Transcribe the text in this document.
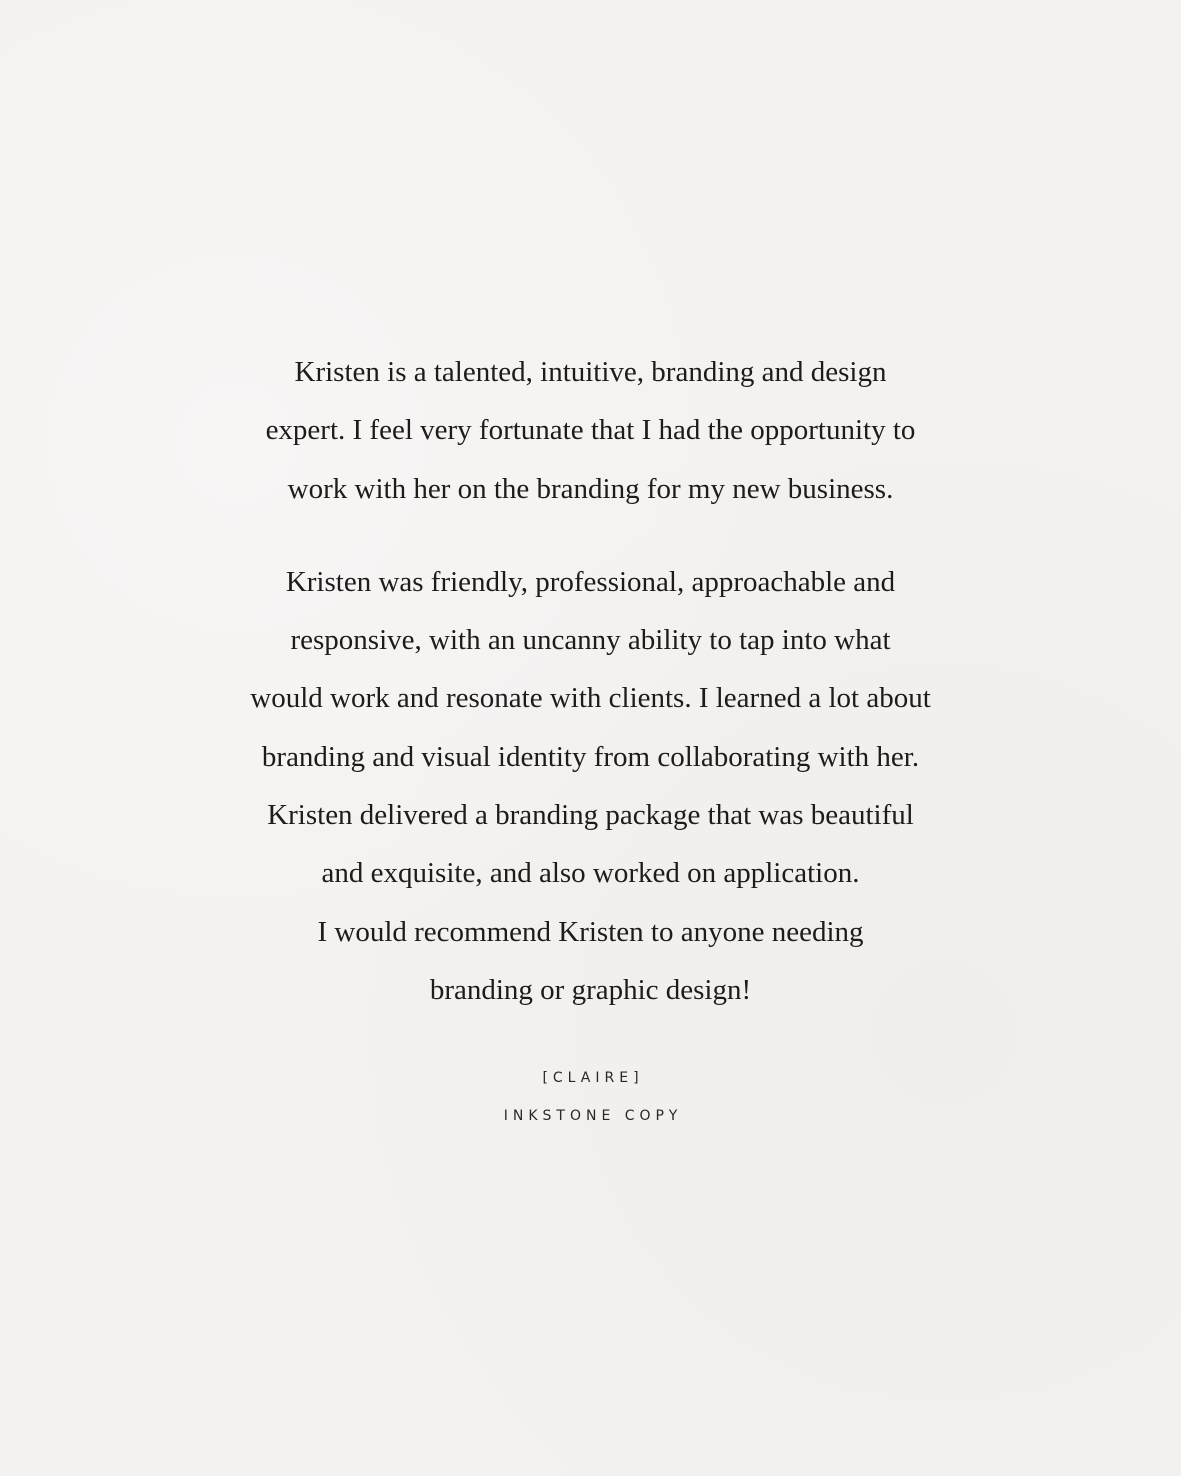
Kristen is a talented, intuitive, branding and design
expert. I feel very fortunate that I had the opportunity to
work with her on the branding for my new business.

Kristen was friendly, professional, approachable and
responsive, with an uncanny ability to tap into what
would work and resonate with clients. I learned a lot about
branding and visual identity from collaborating with her.
Kristen delivered a branding package that was beautiful
and exquisite, and also worked on application.
I would recommend Kristen to anyone needing
branding or graphic design!

[CLAIRE]
INKSTONE COPY
